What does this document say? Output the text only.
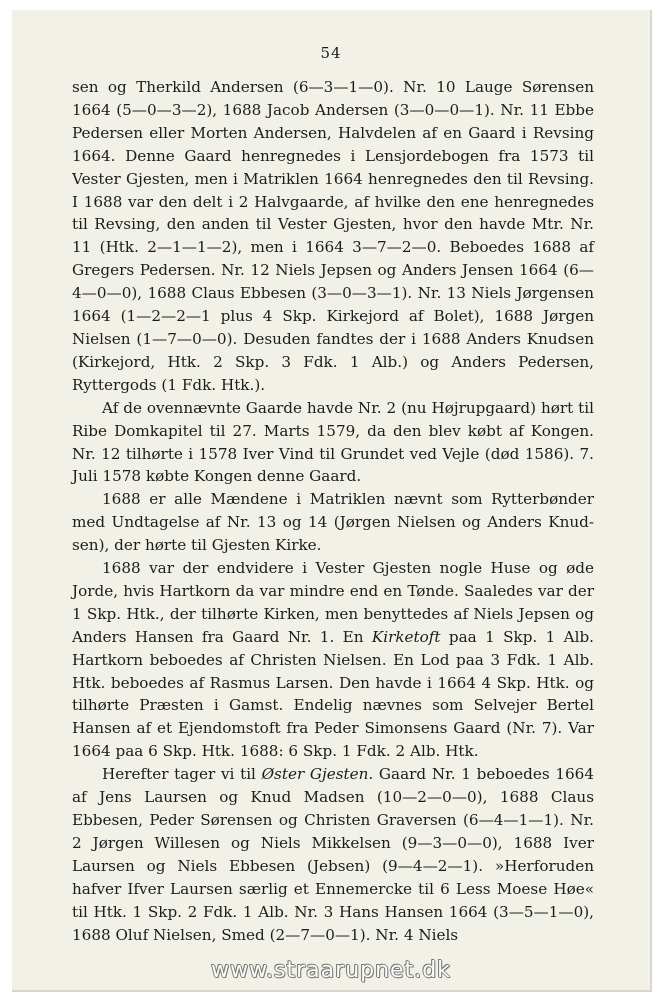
54

sen og Therkild Andersen (6—3—1—0). Nr. 10 Lauge Sørensen 1664 (5—0—3—2), 1688 Jacob Andersen (3—0—0—1). Nr. 11 Ebbe Pedersen eller Morten Andersen, Halvdelen af en Gaard i Revsing 1664. Denne Gaard henregnedes i Lensjordebogen fra 1573 til Vester Gjesten, men i Matriklen 1664 henregnedes den til Revsing. I 1688 var den delt i 2 Halvgaarde, af hvilke den ene henregnedes til Revsing, den anden til Vester Gjesten, hvor den havde Mtr. Nr. 11 (Htk. 2—1—1—2), men i 1664 3—7—2—0. Beboedes 1688 af Gregers Pedersen. Nr. 12 Niels Jepsen og Anders Jensen 1664 (6—4—0—0), 1688 Claus Ebbesen (3—0—3—1). Nr. 13 Niels Jørgensen 1664 (1—2—2—1 plus 4 Skp. Kirkejord af Bolet), 1688 Jørgen Nielsen (1—7—0—0). Desuden fandtes der i 1688 Anders Knudsen (Kirkejord, Htk. 2 Skp. 3 Fdk. 1 Alb.) og Anders Pedersen, Ryttergods (1 Fdk. Htk.).

Af de ovennævnte Gaarde havde Nr. 2 (nu Højrupgaard) hørt til Ribe Domkapitel til 27. Marts 1579, da den blev købt af Kongen. Nr. 12 tilhørte i 1578 Iver Vind til Grundet ved Vejle (død 1586). 7. Juli 1578 købte Kongen denne Gaard.

1688 er alle Mændene i Matriklen nævnt som Rytterbønder med Undtagelse af Nr. 13 og 14 (Jørgen Nielsen og Anders Knudsen), der hørte til Gjesten Kirke.

1688 var der endvidere i Vester Gjesten nogle Huse og øde Jorde, hvis Hartkorn da var mindre end en Tønde. Saaledes var der 1 Skp. Htk., der tilhørte Kirken, men benyttedes af Niels Jepsen og Anders Hansen fra Gaard Nr. 1. En Kirketoft paa 1 Skp. 1 Alb. Hartkorn beboedes af Christen Nielsen. En Lod paa 3 Fdk. 1 Alb. Htk. beboedes af Rasmus Larsen. Den havde i 1664 4 Skp. Htk. og tilhørte Præsten i Gamst. Endelig nævnes som Selvejer Bertel Hansen af et Ejendomstoft fra Peder Simonsens Gaard (Nr. 7). Var 1664 paa 6 Skp. Htk. 1688: 6 Skp. 1 Fdk. 2 Alb. Htk.

Herefter tager vi til Øster Gjesten. Gaard Nr. 1 beboedes 1664 af Jens Laursen og Knud Madsen (10—2—0—0), 1688 Claus Ebbesen, Peder Sørensen og Christen Graversen (6—4—1—1). Nr. 2 Jørgen Willesen og Niels Mikkelsen (9—3—0—0), 1688 Iver Laursen og Niels Ebbesen (Jebsen) (9—4—2—1). »Herforuden hafver Ifver Laursen særlig et Ennemercke til 6 Less Moese Høe« til Htk. 1 Skp. 2 Fdk. 1 Alb. Nr. 3 Hans Hansen 1664 (3—5—1—0), 1688 Oluf Nielsen, Smed (2—7—0—1). Nr. 4 Niels

www.straarupnet.dk
